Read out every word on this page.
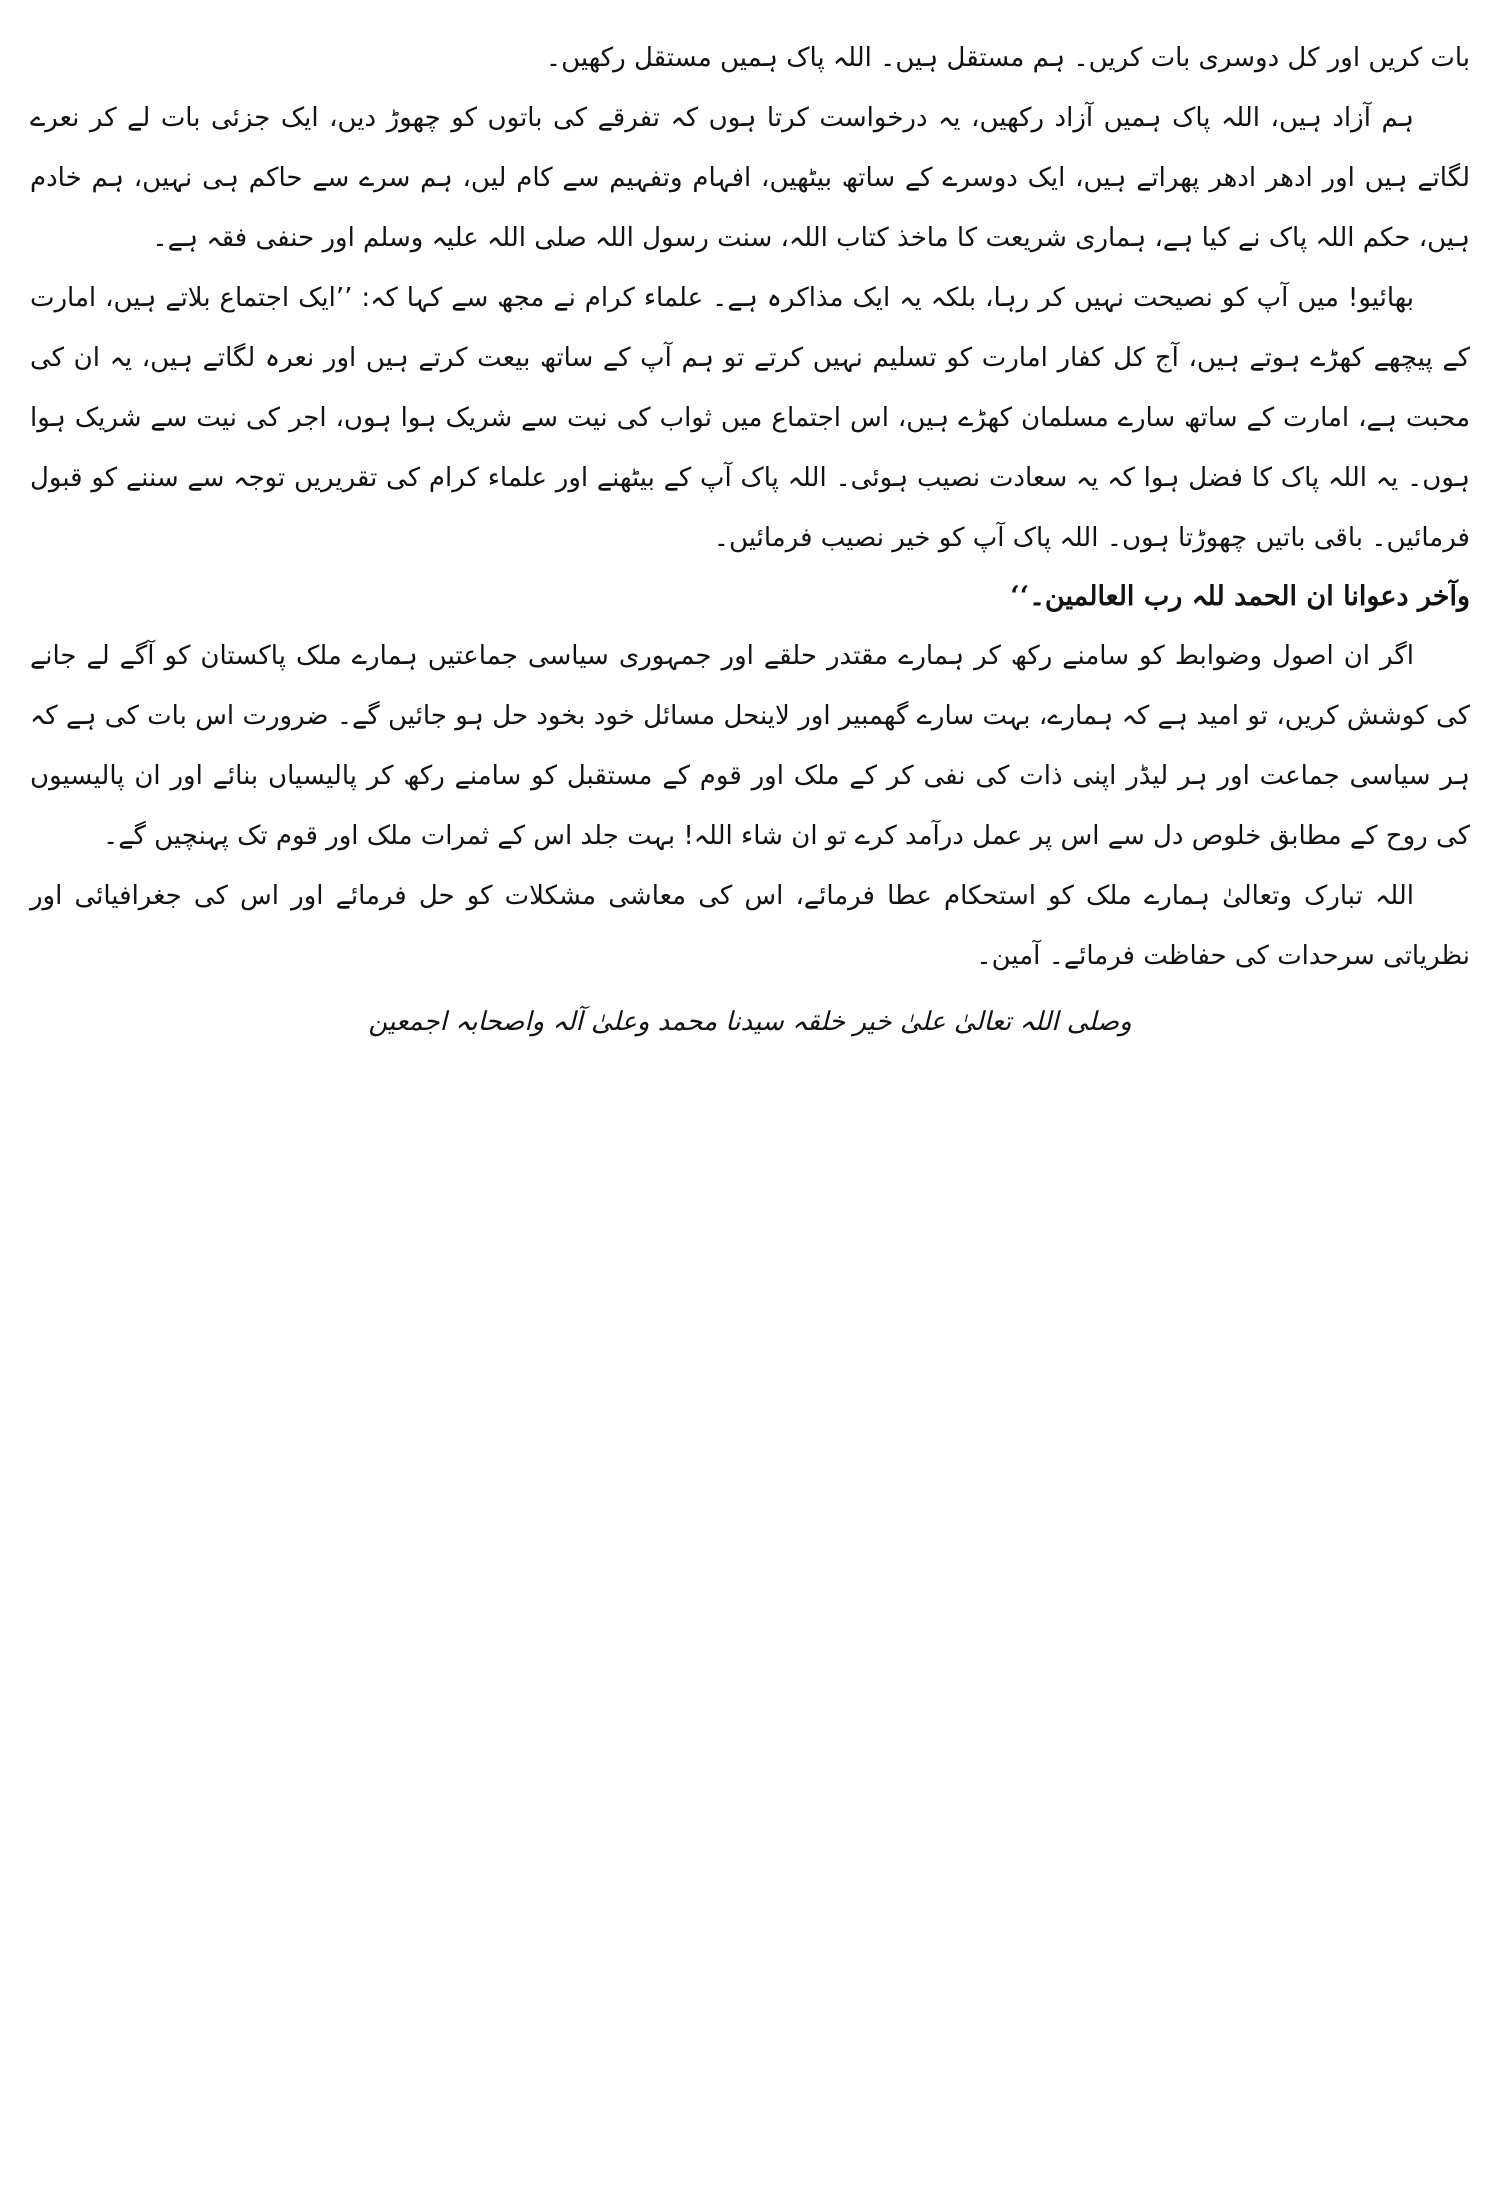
بات کریں اور کل دوسری بات کریں۔ ہم مستقل ہیں۔ اللہ پاک ہمیں مستقل رکھیں۔

ہم آزاد ہیں، اللہ پاک ہمیں آزاد رکھیں، یہ درخواست کرتا ہوں کہ تفرقے کی باتوں کو چھوڑ دیں، ایک جزئی بات لے کر نعرے لگاتے ہیں اور ادھر ادھر پھراتے ہیں، ایک دوسرے کے ساتھ بیٹھیں، افہام وتفہیم سے کام لیں، ہم سرے سے حاکم ہی نہیں، ہم خادم ہیں، حکم اللہ پاک نے کیا ہے، ہماری شریعت کا ماخذ کتاب اللہ، سنت رسول اللہ صلی اللہ علیہ وسلم اور حنفی فقہ ہے۔

بھائیو! میں آپ کو نصیحت نہیں کر رہا، بلکہ یہ ایک مذاکرہ ہے۔ علماء کرام نے مجھ سے کہا کہ: ’’ایک اجتماع بلاتے ہیں، امارت کے پیچھے کھڑے ہوتے ہیں، آج کل کفار امارت کو تسلیم نہیں کرتے تو ہم آپ کے ساتھ بیعت کرتے ہیں اور نعرہ لگاتے ہیں، یہ ان کی محبت ہے، امارت کے ساتھ سارے مسلمان کھڑے ہیں، اس اجتماع میں ثواب کی نیت سے شریک ہوا ہوں، اجر کی نیت سے شریک ہوا ہوں۔ یہ اللہ پاک کا فضل ہوا کہ یہ سعادت نصیب ہوئی۔ اللہ پاک آپ کے بیٹھنے اور علماء کرام کی تقریریں توجہ سے سننے کو قبول فرمائیں۔ باقی باتیں چھوڑتا ہوں۔ اللہ پاک آپ کو خیر نصیب فرمائیں۔

وآخر دعوانا ان الحمد للہ رب العالمین۔‘‘

اگر ان اصول وضوابط کو سامنے رکھ کر ہمارے مقتدر حلقے اور جمہوری سیاسی جماعتیں ہمارے ملک پاکستان کو آگے لے جانے کی کوشش کریں، تو امید ہے کہ ہمارے، بہت سارے گھمبیر اور لاینحل مسائل خود بخود حل ہو جائیں گے۔ ضرورت اس بات کی ہے کہ ہر سیاسی جماعت اور ہر لیڈر اپنی ذات کی نفی کر کے ملک اور قوم کے مستقبل کو سامنے رکھ کر پالیسیاں بنائے اور ان پالیسیوں کی روح کے مطابق خلوص دل سے اس پر عمل درآمد کرے تو ان شاء اللہ! بہت جلد اس کے ثمرات ملک اور قوم تک پہنچیں گے۔

اللہ تبارک وتعالیٰ ہمارے ملک کو استحکام عطا فرمائے، اس کی معاشی مشکلات کو حل فرمائے اور اس کی جغرافیائی اور نظریاتی سرحدات کی حفاظت فرمائے۔ آمین۔

وصلی اللہ تعالیٰ علیٰ خیر خلقہ سیدنا محمد وعلیٰ آلہ واصحابہ اجمعین
